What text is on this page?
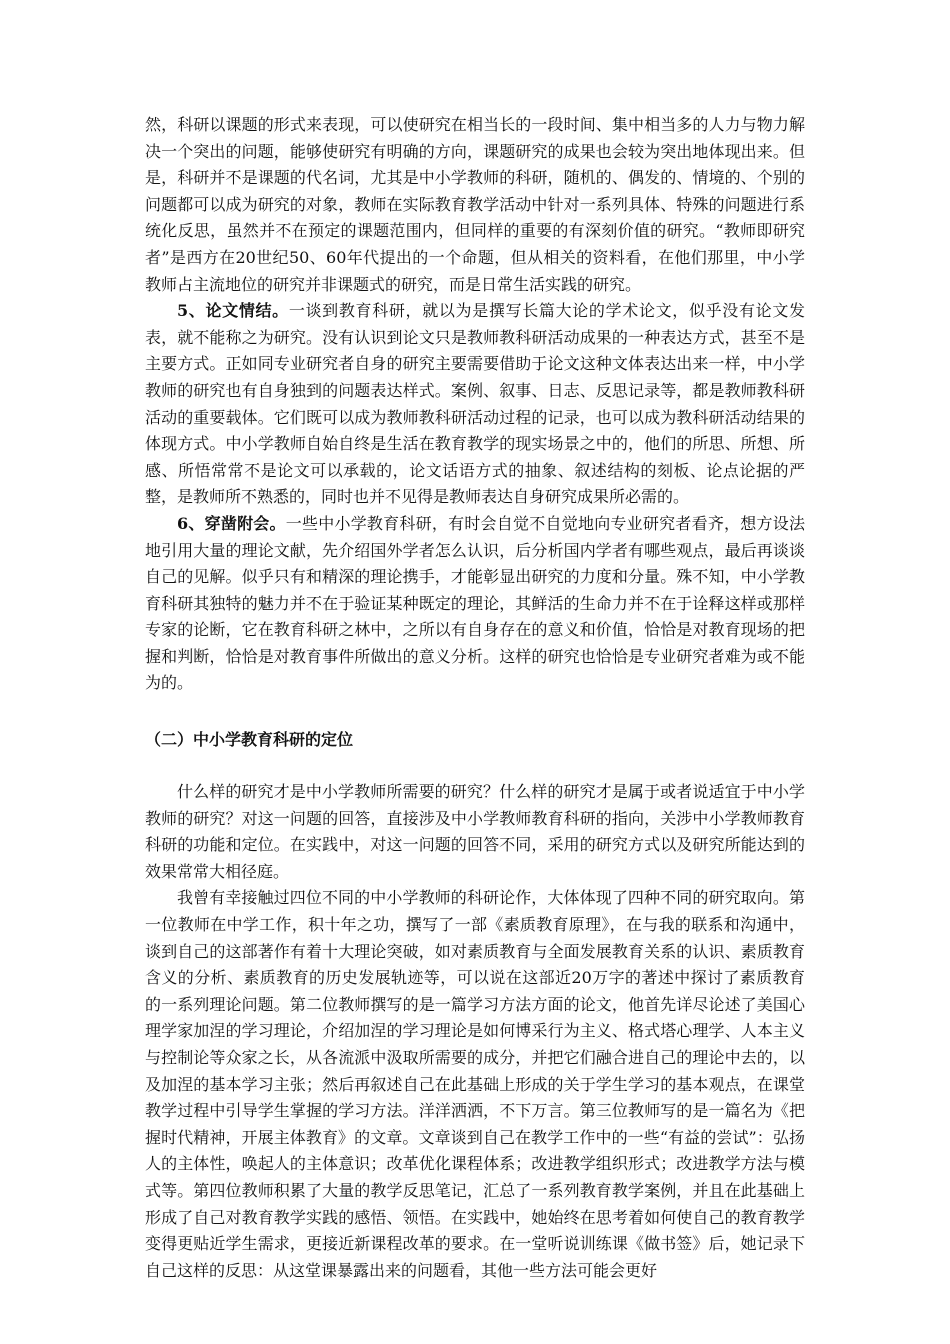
然，科研以课题的形式来表现，可以使研究在相当长的一段时间、集中相当多的人力与物力解决一个突出的问题，能够使研究有明确的方向，课题研究的成果也会较为突出地体现出来。但是，科研并不是课题的代名词，尤其是中小学教师的科研，随机的、偶发的、情境的、个别的问题都可以成为研究的对象，教师在实际教育教学活动中针对一系列具体、特殊的问题进行系统化反思，虽然并不在预定的课题范围内，但同样的重要的有深刻价值的研究。“教师即研究者”是西方在20世纪50、60年代提出的一个命题，但从相关的资料看，在他们那里，中小学教师占主流地位的研究并非课题式的研究，而是日常生活实践的研究。

5、论文情结。一谈到教育科研，就以为是撰写长篇大论的学术论文，似乎没有论文发表，就不能称之为研究。没有认识到论文只是教师教科研活动成果的一种表达方式，甚至不是主要方式。正如同专业研究者自身的研究主要需要借助于论文这种文体表达出来一样，中小学教师的研究也有自身独到的问题表达样式。案例、叙事、日志、反思记录等，都是教师教科研活动的重要载体。它们既可以成为教师教科研活动过程的记录，也可以成为教科研活动结果的体现方式。中小学教师自始自终是生活在教育教学的现实场景之中的，他们的所思、所想、所感、所悟常常不是论文可以承载的，论文话语方式的抽象、叙述结构的刻板、论点论据的严整，是教师所不熟悉的，同时也并不见得是教师表达自身研究成果所必需的。

6、穿凿附会。一些中小学教育科研，有时会自觉不自觉地向专业研究者看齐，想方设法地引用大量的理论文献，先介绍国外学者怎么认识，后分析国内学者有哪些观点，最后再谈谈自己的见解。似乎只有和精深的理论携手，才能彰显出研究的力度和分量。殊不知，中小学教育科研其独特的魅力并不在于验证某种既定的理论，其鲜活的生命力并不在于诠释这样或那样专家的论断，它在教育科研之林中，之所以有自身存在的意义和价值，恰恰是对教育现场的把握和判断，恰恰是对教育事件所做出的意义分析。这样的研究也恰恰是专业研究者难为或不能为的。

（二）中小学教育科研的定位

什么样的研究才是中小学教师所需要的研究？什么样的研究才是属于或者说适宜于中小学教师的研究？对这一问题的回答，直接涉及中小学教师教育科研的指向，关涉中小学教师教育科研的功能和定位。在实践中，对这一问题的回答不同，采用的研究方式以及研究所能达到的效果常常大相径庭。

我曾有幸接触过四位不同的中小学教师的科研论作，大体体现了四种不同的研究取向。第一位教师在中学工作，积十年之功，撰写了一部《素质教育原理》，在与我的联系和沟通中，谈到自己的这部著作有着十大理论突破，如对素质教育与全面发展教育关系的认识、素质教育含义的分析、素质教育的历史发展轨迹等，可以说在这部近20万字的著述中探讨了素质教育的一系列理论问题。第二位教师撰写的是一篇学习方法方面的论文，他首先详尽论述了美国心理学家加涅的学习理论，介绍加涅的学习理论是如何博采行为主义、格式塔心理学、人本主义与控制论等众家之长，从各流派中汲取所需要的成分，并把它们融合进自己的理论中去的，以及加涅的基本学习主张；然后再叙述自己在此基础上形成的关于学生学习的基本观点，在课堂教学过程中引导学生掌握的学习方法。洋洋洒洒，不下万言。第三位教师写的是一篇名为《把握时代精神，开展主体教育》的文章。文章谈到自己在教学工作中的一些“有益的尝试”：弘扬人的主体性，唤起人的主体意识；改革优化课程体系；改进教学组织形式；改进教学方法与模式等。第四位教师积累了大量的教学反思笔记，汇总了一系列教育教学案例，并且在此基础上形成了自己对教育教学实践的感悟、领悟。在实践中，她始终在思考着如何使自己的教育教学变得更贴近学生需求，更接近新课程改革的要求。在一堂听说训练课《做书签》后，她记录下自己这样的反思：从这堂课暴露出来的问题看，其他一些方法可能会更好
